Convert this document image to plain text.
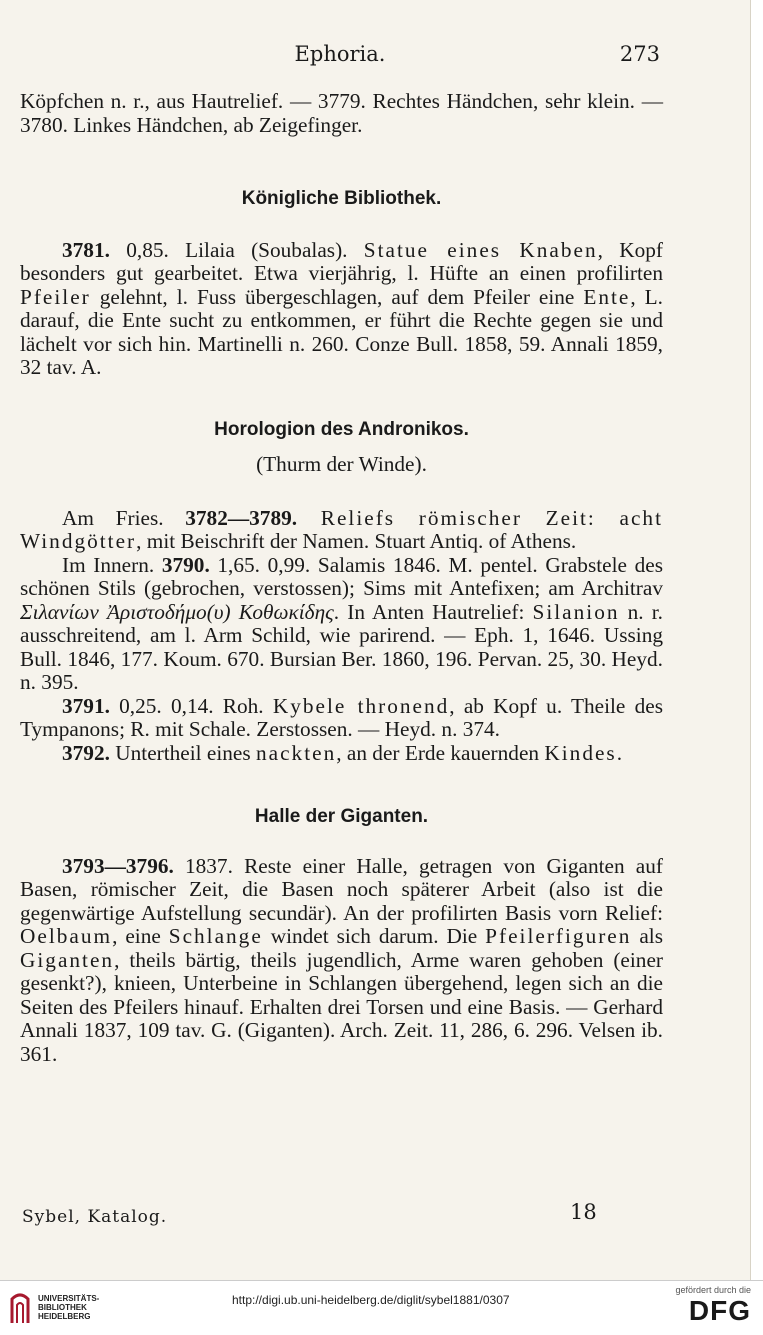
Ephoria.	273

Köpfchen n. r., aus Hautrelief. — 3779. Rechtes Händchen, sehr klein. — 3780. Linkes Händchen, ab Zeigefinger.

Königliche Bibliothek.

3781. 0,85. Lilaia (Soubalas). Statue eines Knaben, Kopf besonders gut gearbeitet. Etwa vierjährig, l. Hüfte an einen profilirten Pfeiler gelehnt, l. Fuss übergeschlagen, auf dem Pfeiler eine Ente, L. darauf, die Ente sucht zu entkommen, er führt die Rechte gegen sie und lächelt vor sich hin. Martinelli n. 260. Conze Bull. 1858, 59. Annali 1859, 32 tav. A.

Horologion des Andronikos.

(Thurm der Winde).

Am Fries. 3782—3789. Reliefs römischer Zeit: acht Windgötter, mit Beischrift der Namen. Stuart Antiq. of Athens.

Im Innern. 3790. 1,65. 0,99. Salamis 1846. M. pentel. Grabstele des schönen Stils (gebrochen, verstossen); Sims mit Antefixen; am Architrav Σιλανίων Ἀριστοδήμο(υ) Κοθωκίδης. In Anten Hautrelief: Silanion n. r. ausschreitend, am l. Arm Schild, wie parirend. — Eph. 1, 1646. Ussing Bull. 1846, 177. Koum. 670. Bursian Ber. 1860, 196. Pervan. 25, 30. Heyd. n. 395.

3791. 0,25. 0,14. Roh. Kybele thronend, ab Kopf u. Theile des Tympanons; R. mit Schale. Zerstossen. — Heyd. n. 374.

3792. Untertheil eines nackten, an der Erde kauernden Kindes.

Halle der Giganten.

3793—3796. 1837. Reste einer Halle, getragen von Giganten auf Basen, römischer Zeit, die Basen noch späterer Arbeit (also ist die gegenwärtige Aufstellung secundär). An der profilirten Basis vorn Relief: Oelbaum, eine Schlange windet sich darum. Die Pfeilerfiguren als Giganten, theils bärtig, theils jugendlich, Arme waren gehoben (einer gesenkt?), knieen, Unterbeine in Schlangen übergehend, legen sich an die Seiten des Pfeilers hinauf. Erhalten drei Torsen und eine Basis. — Gerhard Annali 1837, 109 tav. G. (Giganten). Arch. Zeit. 11, 286, 6. 296. Velsen ib. 361.

Sybel, Katalog.	18
UNIVERSITÄTS-
BIBLIOTHEK
HEIDELBERG
http://digi.ub.uni-heidelberg.de/diglit/sybel1881/0307
gefördert durch die
DFG
